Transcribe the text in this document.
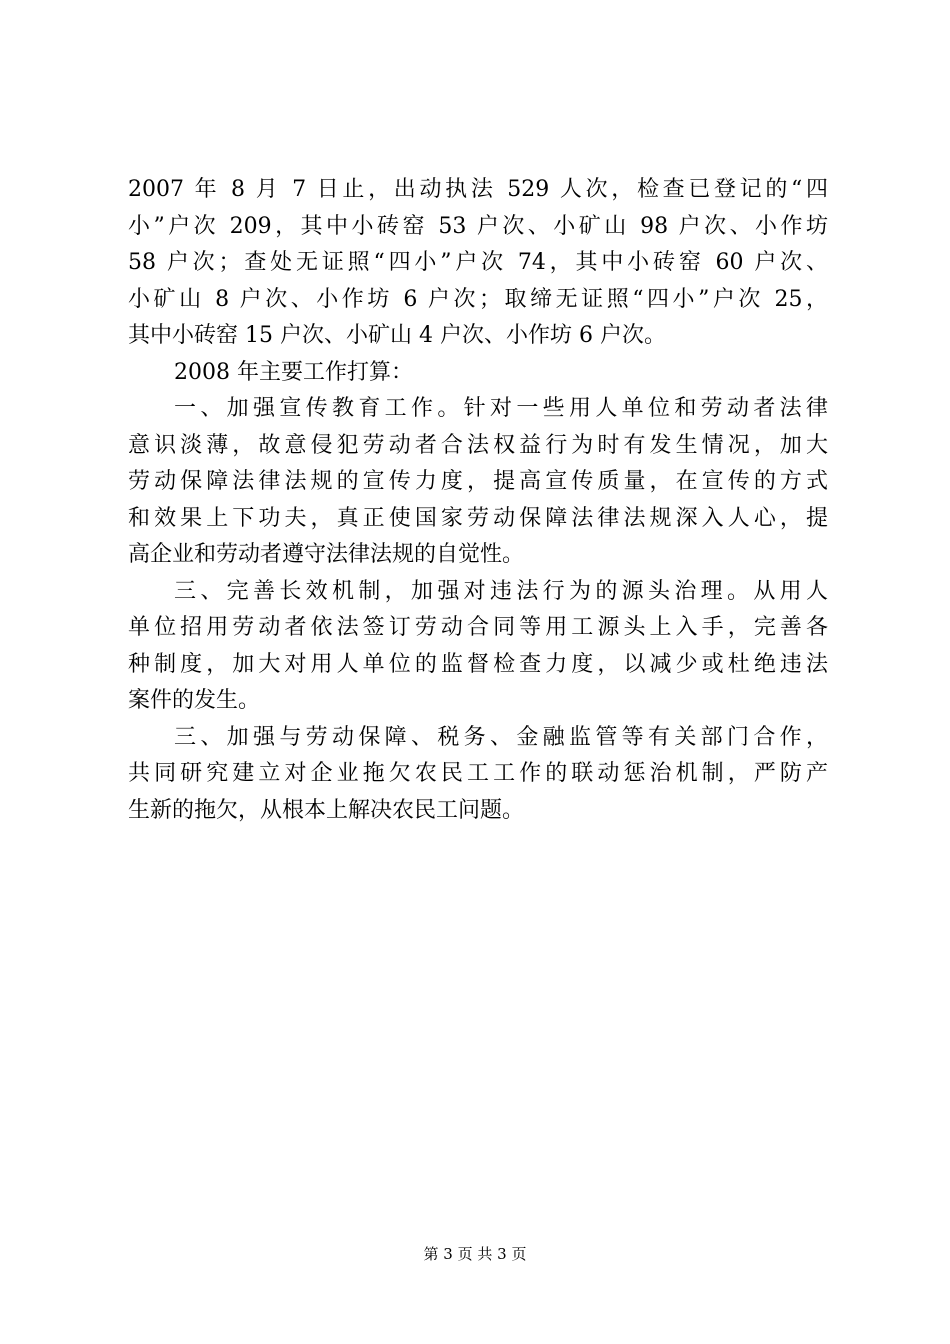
2007 年 8 月 7 日止，出动执法 529 人次，检查已登记的“四
小”户次 209，其中小砖窑 53 户次、小矿山 98 户次、小作坊
58 户次；查处无证照“四小”户次 74，其中小砖窑 60 户次、
小矿山 8 户次、小作坊 6 户次；取缔无证照“四小”户次 25，
其中小砖窑 15 户次、小矿山 4 户次、小作坊 6 户次。
2008 年主要工作打算：
一、加强宣传教育工作。针对一些用人单位和劳动者法律
意识淡薄，故意侵犯劳动者合法权益行为时有发生情况，加大
劳动保障法律法规的宣传力度，提高宣传质量，在宣传的方式
和效果上下功夫，真正使国家劳动保障法律法规深入人心，提
高企业和劳动者遵守法律法规的自觉性。
三、完善长效机制，加强对违法行为的源头治理。从用人
单位招用劳动者依法签订劳动合同等用工源头上入手，完善各
种制度，加大对用人单位的监督检查力度，以减少或杜绝违法
案件的发生。
三、加强与劳动保障、税务、金融监管等有关部门合作，
共同研究建立对企业拖欠农民工工作的联动惩治机制，严防产
生新的拖欠，从根本上解决农民工问题。
第 3 页 共 3 页
